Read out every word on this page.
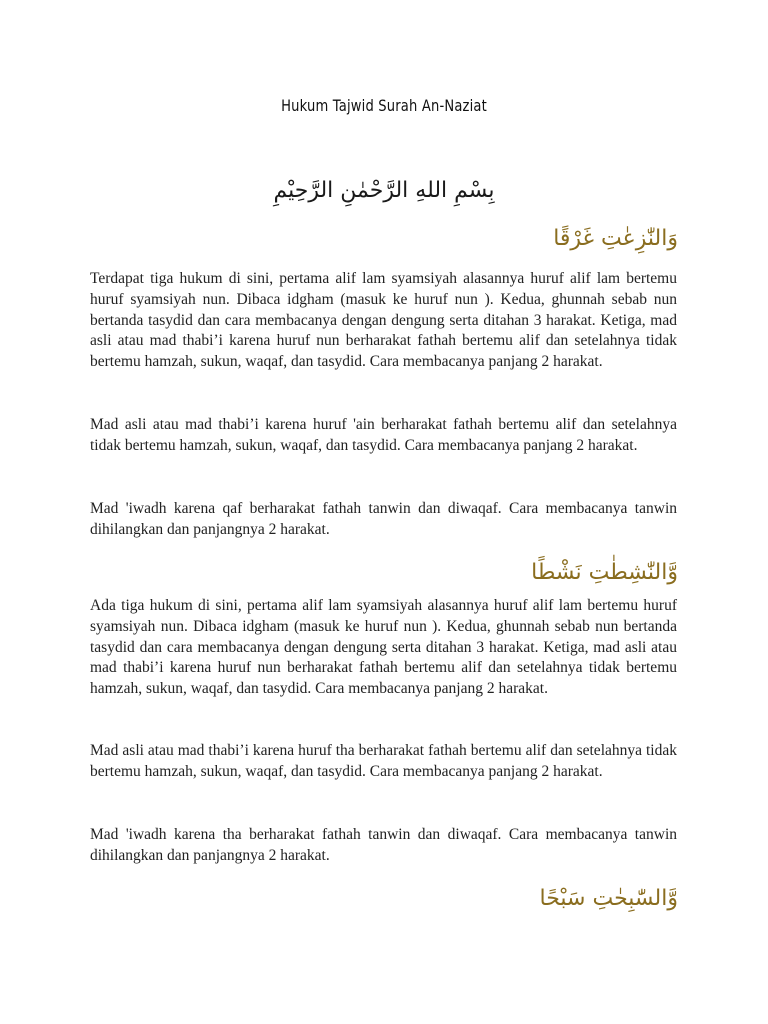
Hukum Tajwid Surah An-Naziat
بِسْمِ اللهِ الرَّحْمٰنِ الرَّحِيْمِ
وَالنّٰزِعٰتِ غَرْقًا

Terdapat tiga hukum di sini, pertama alif lam syamsiyah alasannya huruf alif lam bertemu huruf syamsiyah nun. Dibaca idgham (masuk ke huruf nun ). Kedua, ghunnah sebab nun bertanda tasydid dan cara membacanya dengan dengung serta ditahan 3 harakat. Ketiga, mad asli atau mad thabi’i karena huruf nun berharakat fathah bertemu alif dan setelahnya tidak bertemu hamzah, sukun, waqaf, dan tasydid. Cara membacanya panjang 2 harakat.

Mad asli atau mad thabi’i karena huruf 'ain berharakat fathah bertemu alif dan setelahnya tidak bertemu hamzah, sukun, waqaf, dan tasydid. Cara membacanya panjang 2 harakat.

Mad 'iwadh karena qaf berharakat fathah tanwin dan diwaqaf. Cara membacanya tanwin dihilangkan dan panjangnya 2 harakat.

وَّالنّٰشِطٰتِ نَشْطًا

Ada tiga hukum di sini, pertama alif lam syamsiyah alasannya huruf alif lam bertemu huruf syamsiyah nun. Dibaca idgham (masuk ke huruf nun ). Kedua, ghunnah sebab nun bertanda tasydid dan cara membacanya dengan dengung serta ditahan 3 harakat. Ketiga, mad asli atau mad thabi’i karena huruf nun berharakat fathah bertemu alif dan setelahnya tidak bertemu hamzah, sukun, waqaf, dan tasydid. Cara membacanya panjang 2 harakat.

Mad asli atau mad thabi’i karena huruf tha berharakat fathah bertemu alif dan setelahnya tidak bertemu hamzah, sukun, waqaf, dan tasydid. Cara membacanya panjang 2 harakat.

Mad 'iwadh karena tha berharakat fathah tanwin dan diwaqaf. Cara membacanya tanwin dihilangkan dan panjangnya 2 harakat.

وَّالسّٰبِحٰتِ سَبْحًا
